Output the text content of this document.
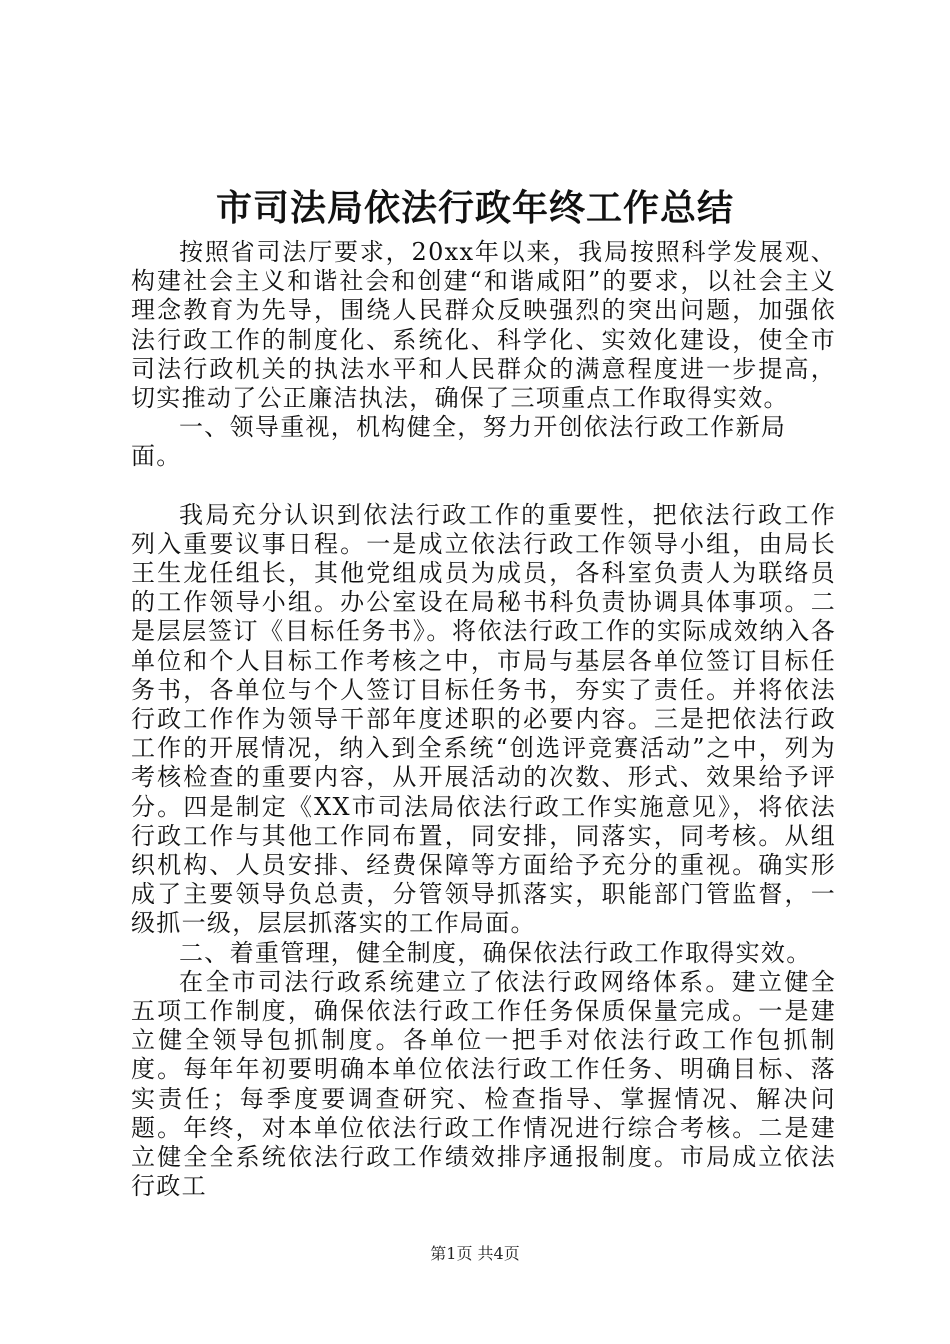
市司法局依法行政年终工作总结

按照省司法厅要求，20xx年以来，我局按照科学发展观、构建社会主义和谐社会和创建“和谐咸阳”的要求，以社会主义理念教育为先导，围绕人民群众反映强烈的突出问题，加强依法行政工作的制度化、系统化、科学化、实效化建设，使全市司法行政机关的执法水平和人民群众的满意程度进一步提高，切实推动了公正廉洁执法，确保了三项重点工作取得实效。

一、领导重视，机构健全，努力开创依法行政工作新局面。

我局充分认识到依法行政工作的重要性，把依法行政工作列入重要议事日程。一是成立依法行政工作领导小组，由局长王生龙任组长，其他党组成员为成员，各科室负责人为联络员的工作领导小组。办公室设在局秘书科负责协调具体事项。二是层层签订《目标任务书》。将依法行政工作的实际成效纳入各单位和个人目标工作考核之中，市局与基层各单位签订目标任务书，各单位与个人签订目标任务书，夯实了责任。并将依法行政工作作为领导干部年度述职的必要内容。三是把依法行政工作的开展情况，纳入到全系统“创选评竞赛活动”之中，列为考核检查的重要内容，从开展活动的次数、形式、效果给予评分。四是制定《XX市司法局依法行政工作实施意见》，将依法行政工作与其他工作同布置，同安排，同落实，同考核。从组织机构、人员安排、经费保障等方面给予充分的重视。确实形成了主要领导负总责，分管领导抓落实，职能部门管监督，一级抓一级，层层抓落实的工作局面。

二、着重管理，健全制度，确保依法行政工作取得实效。

在全市司法行政系统建立了依法行政网络体系。建立健全五项工作制度，确保依法行政工作任务保质保量完成。一是建立健全领导包抓制度。各单位一把手对依法行政工作包抓制度。每年年初要明确本单位依法行政工作任务、明确目标、落实责任；每季度要调查研究、检查指导、掌握情况、解决问题。年终，对本单位依法行政工作情况进行综合考核。二是建立健全全系统依法行政工作绩效排序通报制度。市局成立依法行政工

第1页 共4页
